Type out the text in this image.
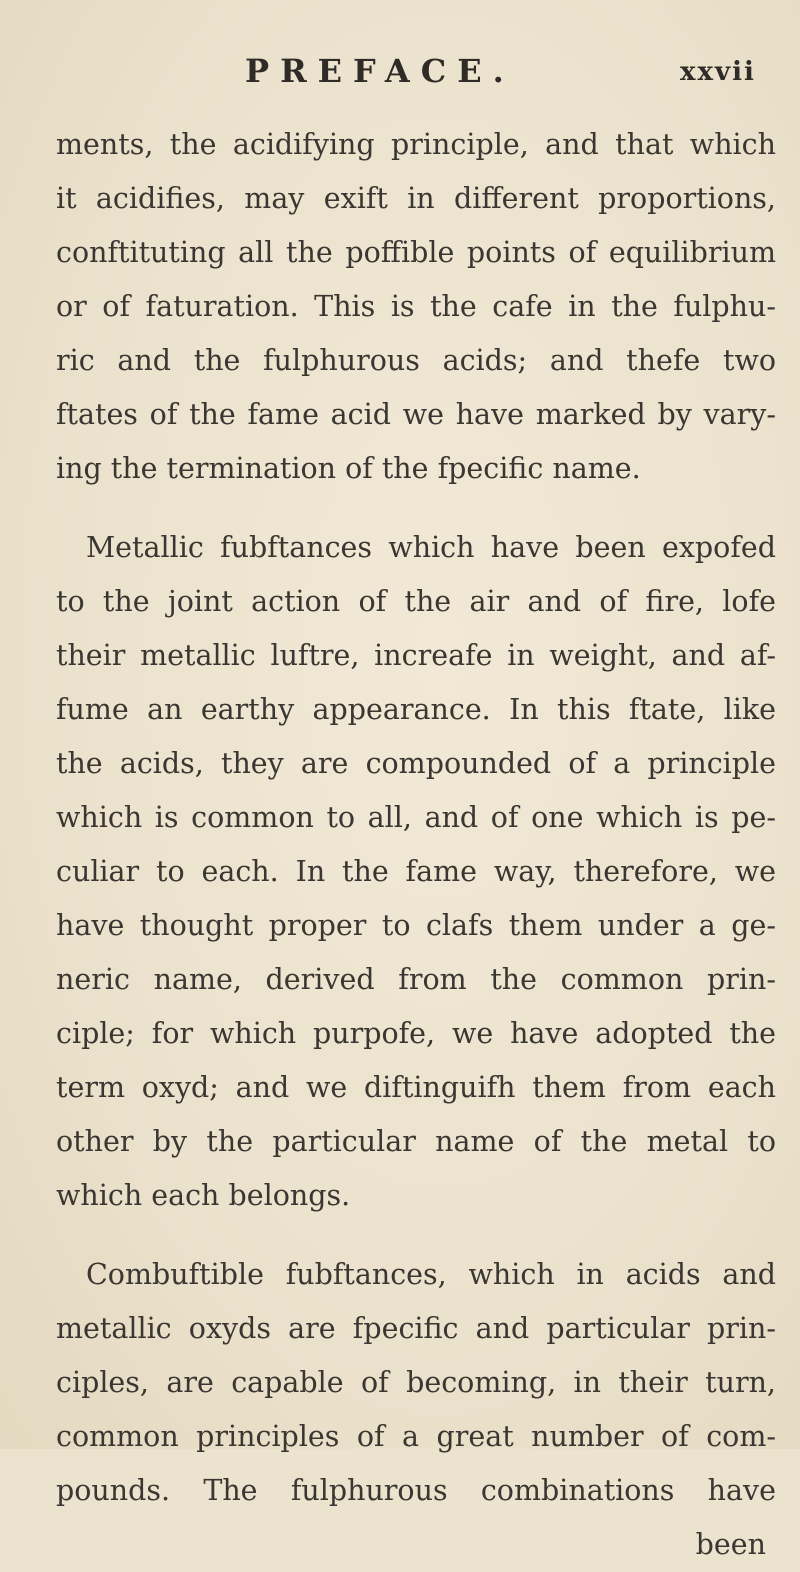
PREFACE.	xxvii
ments, the acidifying principle, and that which
it acidifies, may exift in different proportions,
conftituting all the poffible points of equilibrium
or of faturation. This is the cafe in the fulphu-
ric and the fulphurous acids; and thefe two
ftates of the fame acid we have marked by vary-
ing the termination of the fpecific name.
Metallic fubftances which have been expofed
to the joint action of the air and of fire, lofe
their metallic luftre, increafe in weight, and af-
fume an earthy appearance. In this ftate, like
the acids, they are compounded of a principle
which is common to all, and of one which is pe-
culiar to each. In the fame way, therefore, we
have thought proper to clafs them under a ge-
neric name, derived from the common prin-
ciple; for which purpofe, we have adopted the
term oxyd; and we diftinguifh them from each
other by the particular name of the metal to
which each belongs.
Combuftible fubftances, which in acids and
metallic oxyds are fpecific and particular prin-
ciples, are capable of becoming, in their turn,
common principles of a great number of com-
pounds. The fulphurous combinations have
been
